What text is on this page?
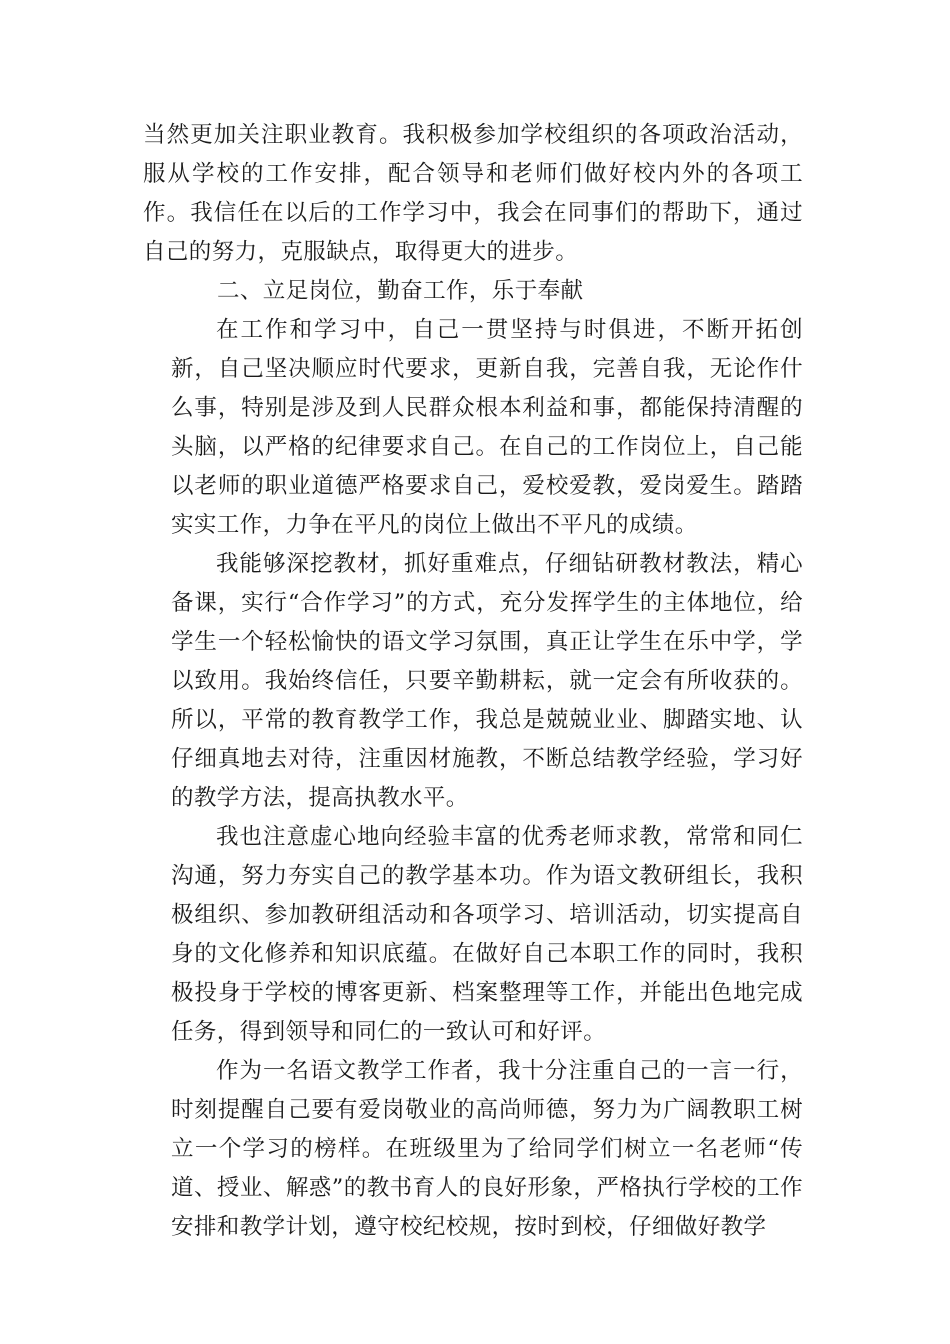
当然更加关注职业教育。我积极参加学校组织的各项政治活动，服从学校的工作安排，配合领导和老师们做好校内外的各项工作。我信任在以后的工作学习中，我会在同事们的帮助下，通过自己的努力，克服缺点，取得更大的进步。

二、立足岗位，勤奋工作，乐于奉献

在工作和学习中，自己一贯坚持与时俱进，不断开拓创新，自己坚决顺应时代要求，更新自我，完善自我，无论作什么事，特别是涉及到人民群众根本利益和事，都能保持清醒的头脑，以严格的纪律要求自己。在自己的工作岗位上，自己能以老师的职业道德严格要求自己，爱校爱教，爱岗爱生。踏踏实实工作，力争在平凡的岗位上做出不平凡的成绩。

我能够深挖教材，抓好重难点，仔细钻研教材教法，精心备课，实行“合作学习”的方式，充分发挥学生的主体地位，给学生一个轻松愉快的语文学习氛围，真正让学生在乐中学，学以致用。我始终信任，只要辛勤耕耘，就一定会有所收获的。所以，平常的教育教学工作，我总是兢兢业业、脚踏实地、认仔细真地去对待，注重因材施教，不断总结教学经验，学习好的教学方法，提高执教水平。

我也注意虚心地向经验丰富的优秀老师求教，常常和同仁沟通，努力夯实自己的教学基本功。作为语文教研组长，我积极组织、参加教研组活动和各项学习、培训活动，切实提高自身的文化修养和知识底蕴。在做好自己本职工作的同时，我积极投身于学校的博客更新、档案整理等工作，并能出色地完成任务，得到领导和同仁的一致认可和好评。

作为一名语文教学工作者，我十分注重自己的一言一行，时刻提醒自己要有爱岗敬业的高尚师德，努力为广阔教职工树立一个学习的榜样。在班级里为了给同学们树立一名老师“传道、授业、解惑”的教书育人的良好形象，严格执行学校的工作安排和教学计划，遵守校纪校规，按时到校，仔细做好教学
